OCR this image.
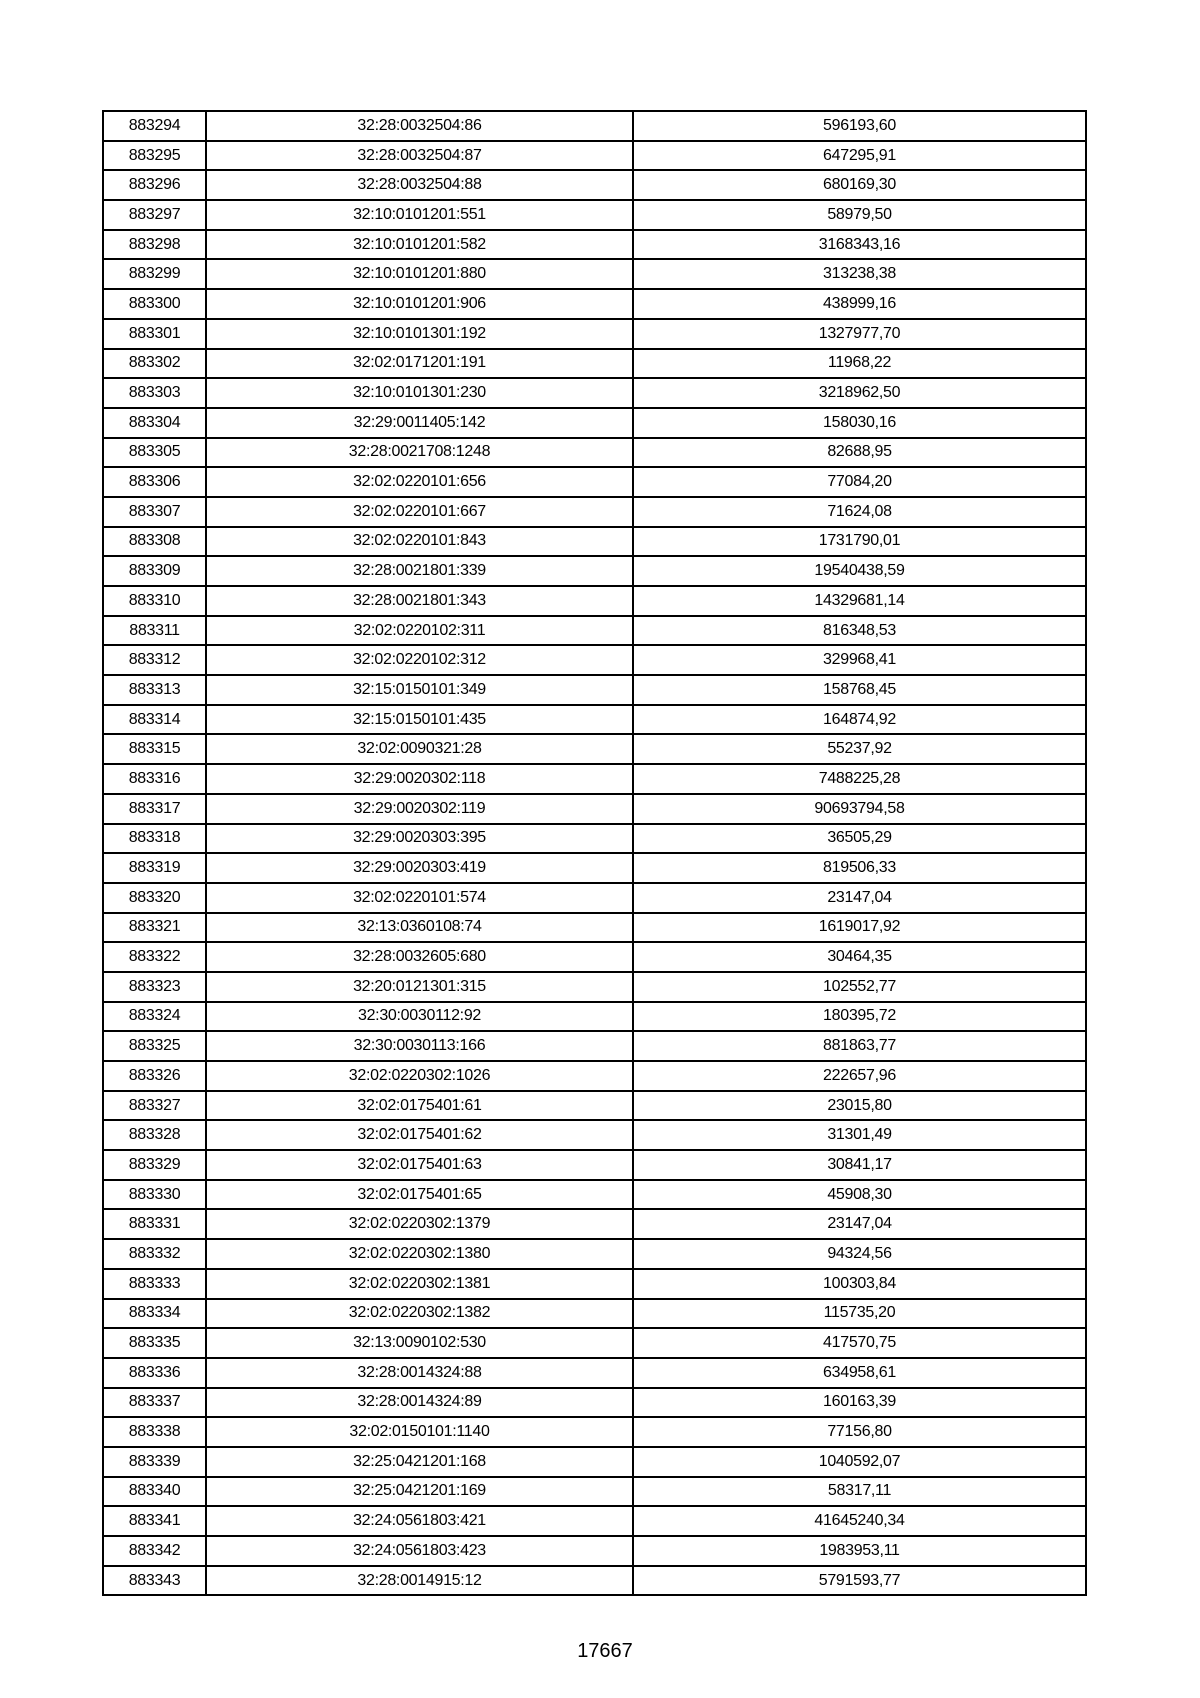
883294	32:28:0032504:86	596193,60
883295	32:28:0032504:87	647295,91
883296	32:28:0032504:88	680169,30
883297	32:10:0101201:551	58979,50
883298	32:10:0101201:582	3168343,16
883299	32:10:0101201:880	313238,38
883300	32:10:0101201:906	438999,16
883301	32:10:0101301:192	1327977,70
883302	32:02:0171201:191	11968,22
883303	32:10:0101301:230	3218962,50
883304	32:29:0011405:142	158030,16
883305	32:28:0021708:1248	82688,95
883306	32:02:0220101:656	77084,20
883307	32:02:0220101:667	71624,08
883308	32:02:0220101:843	1731790,01
883309	32:28:0021801:339	19540438,59
883310	32:28:0021801:343	14329681,14
883311	32:02:0220102:311	816348,53
883312	32:02:0220102:312	329968,41
883313	32:15:0150101:349	158768,45
883314	32:15:0150101:435	164874,92
883315	32:02:0090321:28	55237,92
883316	32:29:0020302:118	7488225,28
883317	32:29:0020302:119	90693794,58
883318	32:29:0020303:395	36505,29
883319	32:29:0020303:419	819506,33
883320	32:02:0220101:574	23147,04
883321	32:13:0360108:74	1619017,92
883322	32:28:0032605:680	30464,35
883323	32:20:0121301:315	102552,77
883324	32:30:0030112:92	180395,72
883325	32:30:0030113:166	881863,77
883326	32:02:0220302:1026	222657,96
883327	32:02:0175401:61	23015,80
883328	32:02:0175401:62	31301,49
883329	32:02:0175401:63	30841,17
883330	32:02:0175401:65	45908,30
883331	32:02:0220302:1379	23147,04
883332	32:02:0220302:1380	94324,56
883333	32:02:0220302:1381	100303,84
883334	32:02:0220302:1382	115735,20
883335	32:13:0090102:530	417570,75
883336	32:28:0014324:88	634958,61
883337	32:28:0014324:89	160163,39
883338	32:02:0150101:1140	77156,80
883339	32:25:0421201:168	1040592,07
883340	32:25:0421201:169	58317,11
883341	32:24:0561803:421	41645240,34
883342	32:24:0561803:423	1983953,11
883343	32:28:0014915:12	5791593,77
17667
